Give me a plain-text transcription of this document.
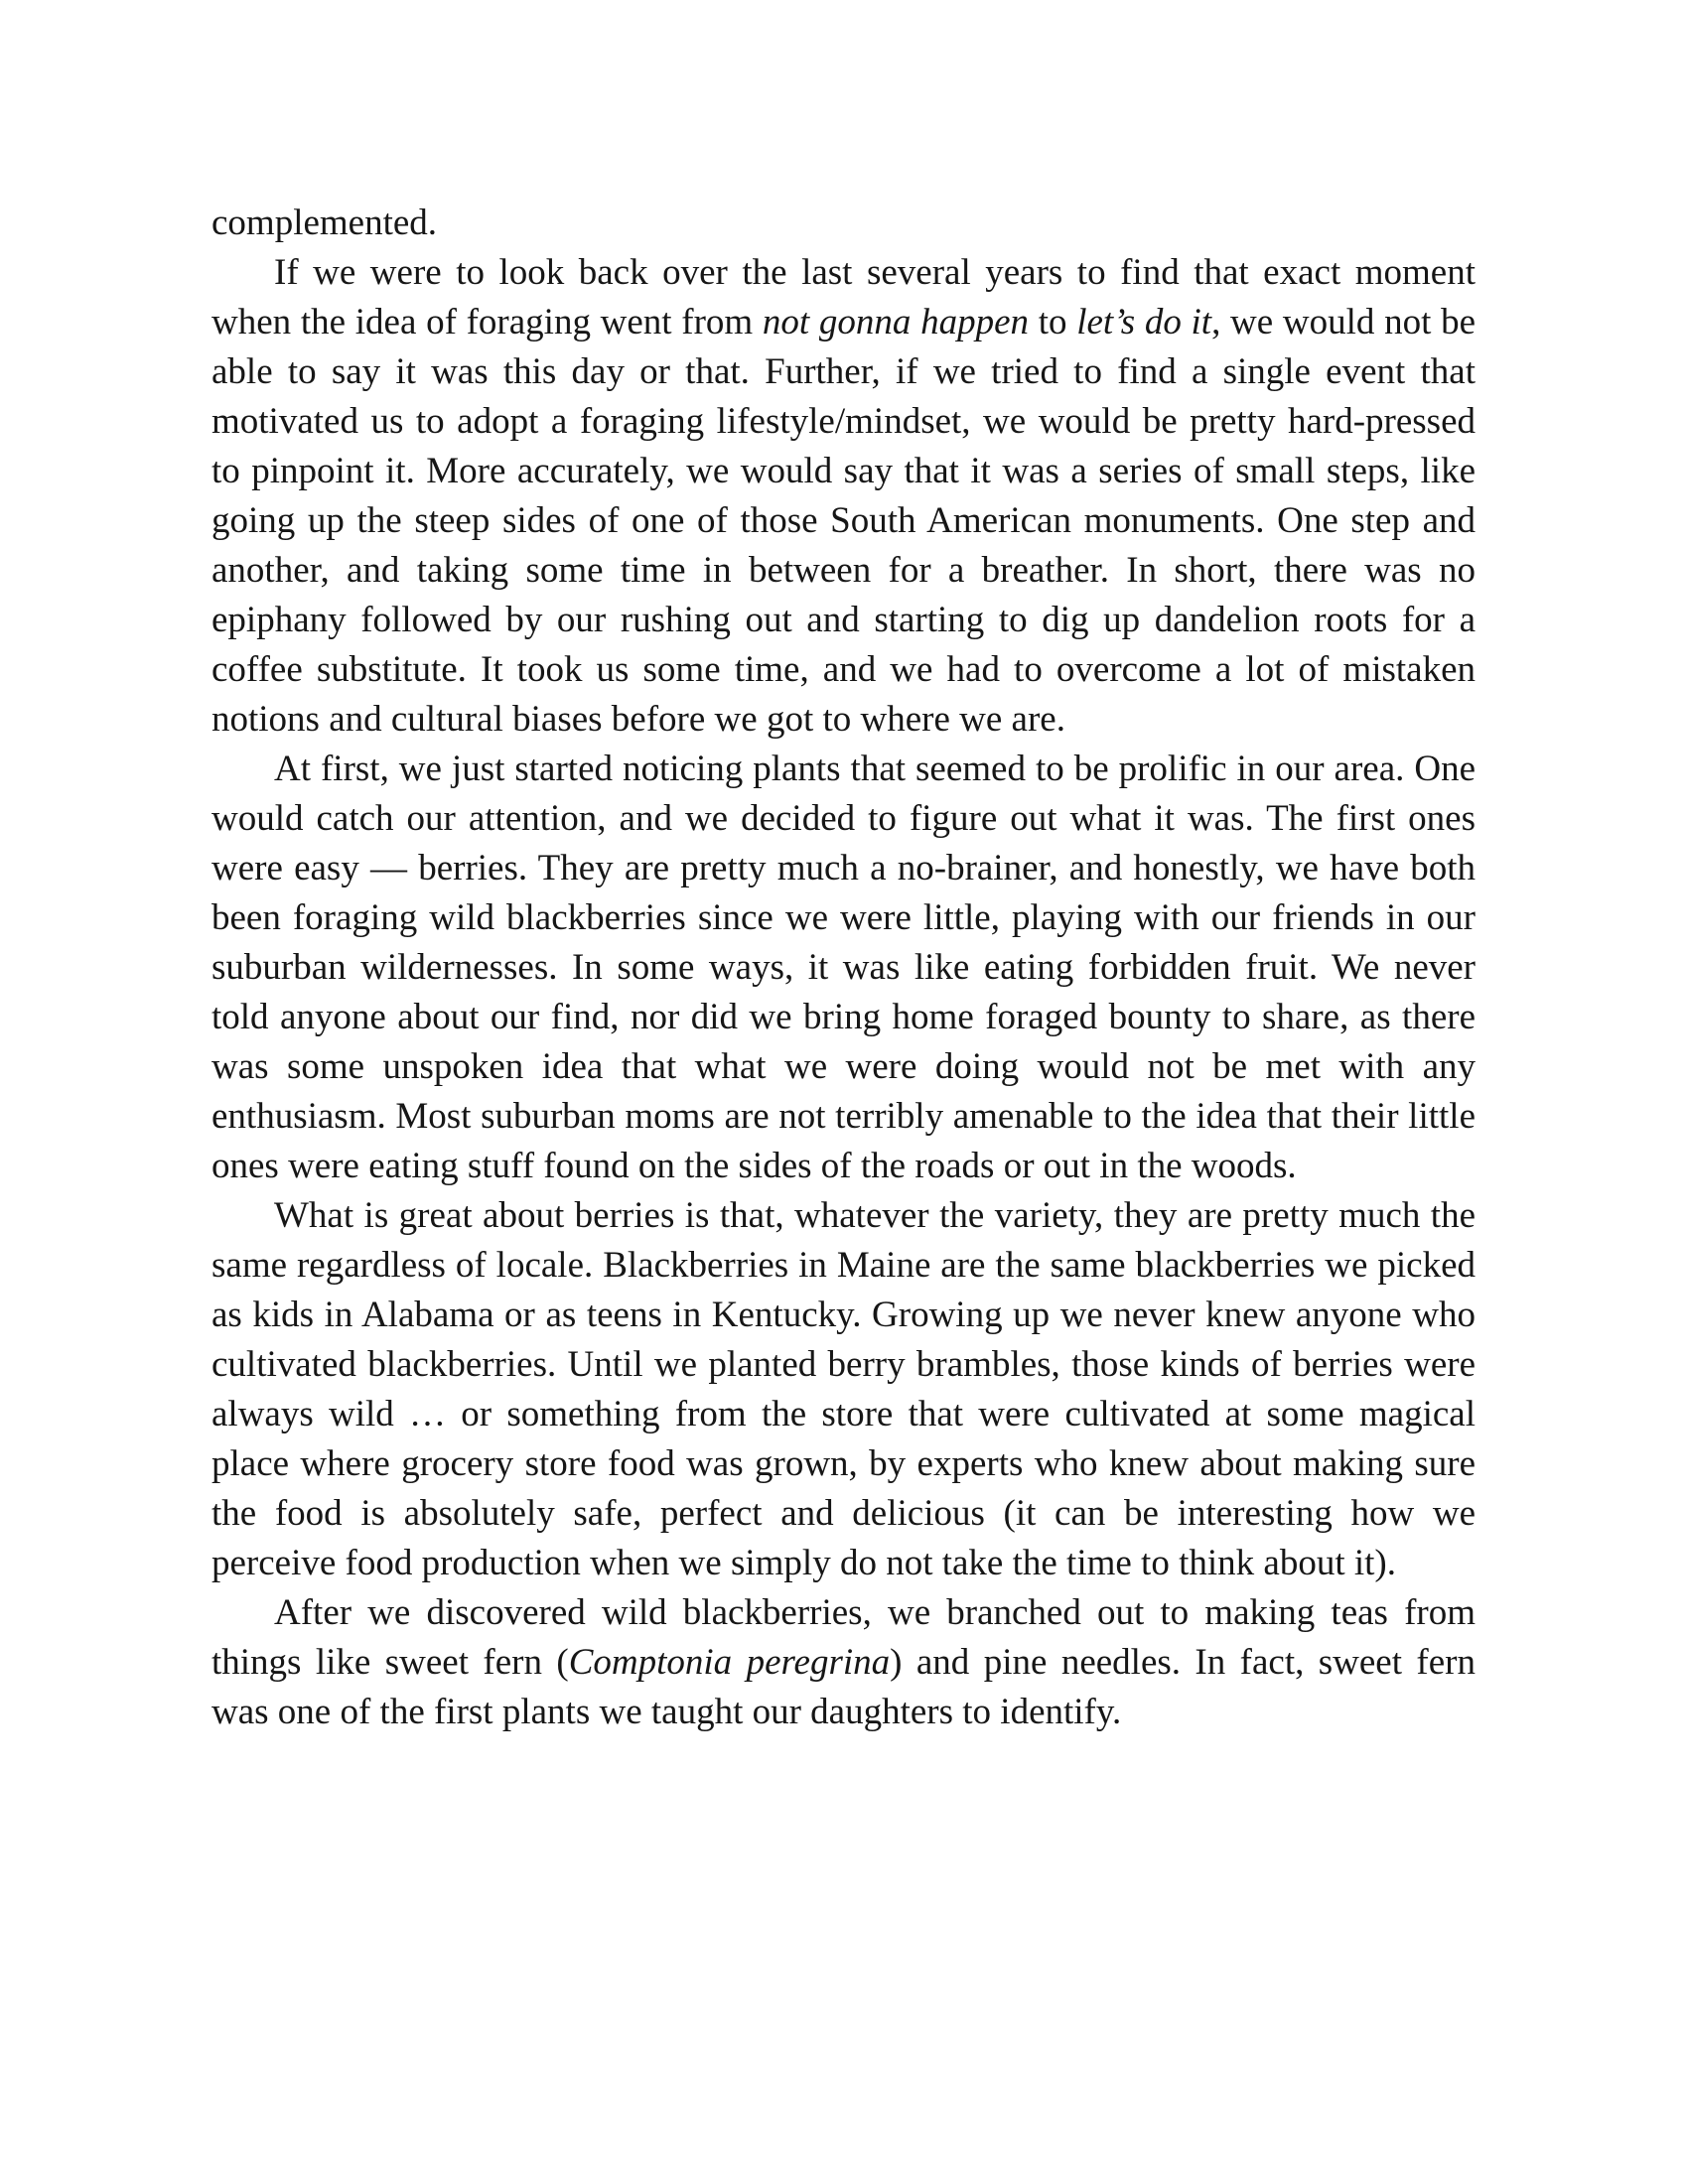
complemented.

If we were to look back over the last several years to find that exact moment when the idea of foraging went from not gonna happen to let’s do it, we would not be able to say it was this day or that. Further, if we tried to find a single event that motivated us to adopt a foraging lifestyle/mindset, we would be pretty hard-pressed to pinpoint it. More accurately, we would say that it was a series of small steps, like going up the steep sides of one of those South American monuments. One step and another, and taking some time in between for a breather. In short, there was no epiphany followed by our rushing out and starting to dig up dandelion roots for a coffee substitute. It took us some time, and we had to overcome a lot of mistaken notions and cultural biases before we got to where we are.

At first, we just started noticing plants that seemed to be prolific in our area. One would catch our attention, and we decided to figure out what it was. The first ones were easy — berries. They are pretty much a no-brainer, and honestly, we have both been foraging wild blackberries since we were little, playing with our friends in our suburban wildernesses. In some ways, it was like eating forbidden fruit. We never told anyone about our find, nor did we bring home foraged bounty to share, as there was some unspoken idea that what we were doing would not be met with any enthusiasm. Most suburban moms are not terribly amenable to the idea that their little ones were eating stuff found on the sides of the roads or out in the woods.

What is great about berries is that, whatever the variety, they are pretty much the same regardless of locale. Blackberries in Maine are the same blackberries we picked as kids in Alabama or as teens in Kentucky. Growing up we never knew anyone who cultivated blackberries. Until we planted berry brambles, those kinds of berries were always wild … or something from the store that were cultivated at some magical place where grocery store food was grown, by experts who knew about making sure the food is absolutely safe, perfect and delicious (it can be interesting how we perceive food production when we simply do not take the time to think about it).

After we discovered wild blackberries, we branched out to making teas from things like sweet fern (Comptonia peregrina) and pine needles. In fact, sweet fern was one of the first plants we taught our daughters to identify.
